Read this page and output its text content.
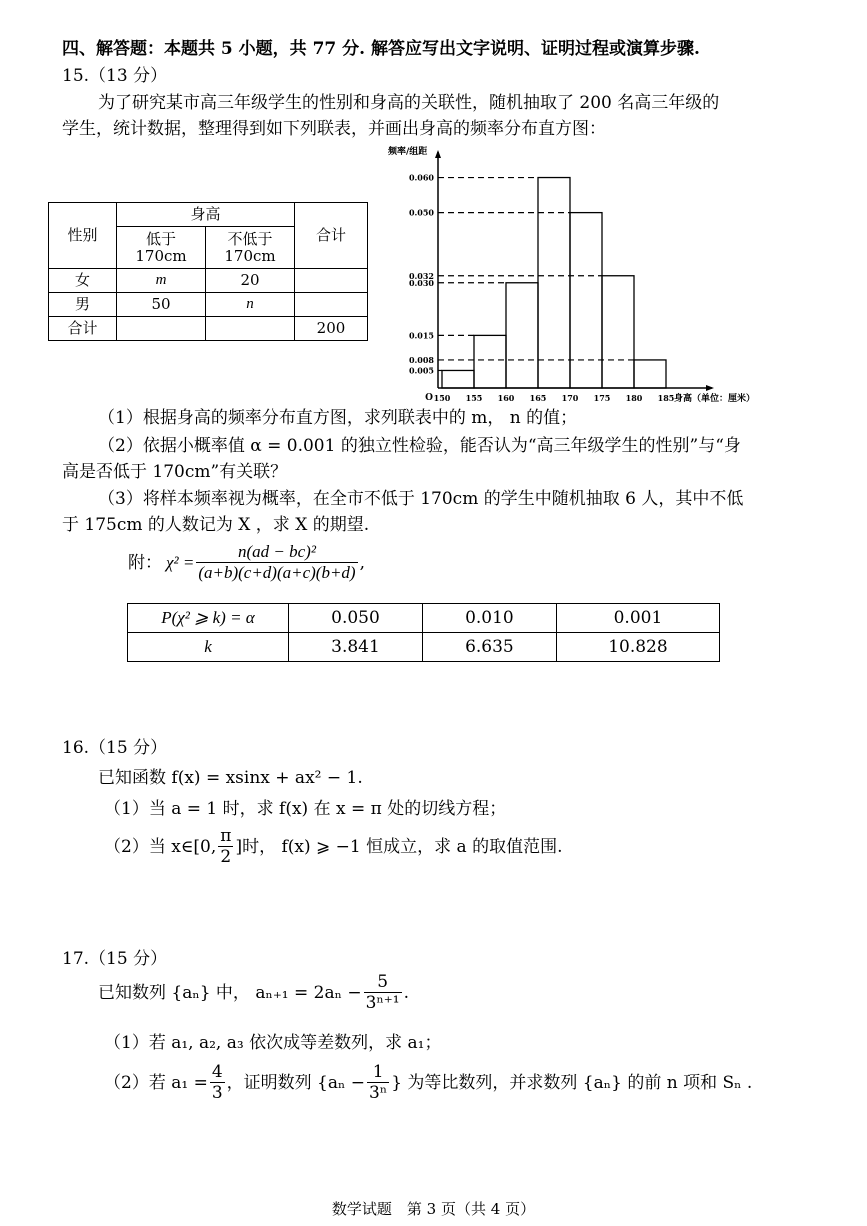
四、解答题：本题共 5 小题，共 77 分. 解答应写出文字说明、证明过程或演算步骤.
15.（13 分）
为了研究某市高三年级学生的性别和身高的关联性，随机抽取了 200 名高三年级的
学生，统计数据，整理得到如下列联表，并画出身高的频率分布直方图：
性别	身高		合计
	低于 170cm	不低于 170cm	
女	m	20	
男	50	n	
合计			200
0.060
0.050
0.032
0.030
0.015
0.008
0.005
150 155 160 165 170 175 180 185
O
频率/组距
身高（单位：厘米）
（1）根据身高的频率分布直方图，求列联表中的 m， n 的值；
（2）依据小概率值 α = 0.001 的独立性检验，能否认为“高三年级学生的性别”与“身
高是否低于 170cm”有关联？
（3）将样本频率视为概率，在全市不低于 170cm 的学生中随机抽取 6 人，其中不低
于 175cm 的人数记为 X ，求 X 的期望.
附： $\chi^2 = \frac{\text{n(ad − bc)²}}{(a+b)(c+d)(a+c)(b+d)}$ ,
P(χ² ⩾ k) = α	0.050	0.010	0.001
k	3.841	6.635	10.828
16.（15 分）
已知函数 f(x) = xsinx + ax² − 1.
（1）当 a = 1 时，求 f(x) 在 x = π 处的切线方程；
（2）当 x∈[0, $\frac{\pi}{2}$ ]时， f(x) ⩾ −1 恒成立，求 a 的取值范围.
17.（15 分）
已知数列 {aₙ} 中， $a_{n+1} = 2a_n - \frac{5}{\text{3ⁿ⁺¹}}$ .
（1）若 a₁, a₂, a₃ 依次成等差数列，求 a₁；
（2）若 $a_1 = \frac{4}{3}$ ，证明数列 {$a_n - \frac{1}{\text{3ⁿ}}$ } 为等比数列，并求数列 {aₙ} 的前 n 项和 Sₙ .
数学试题　第 3 页（共 4 页）
